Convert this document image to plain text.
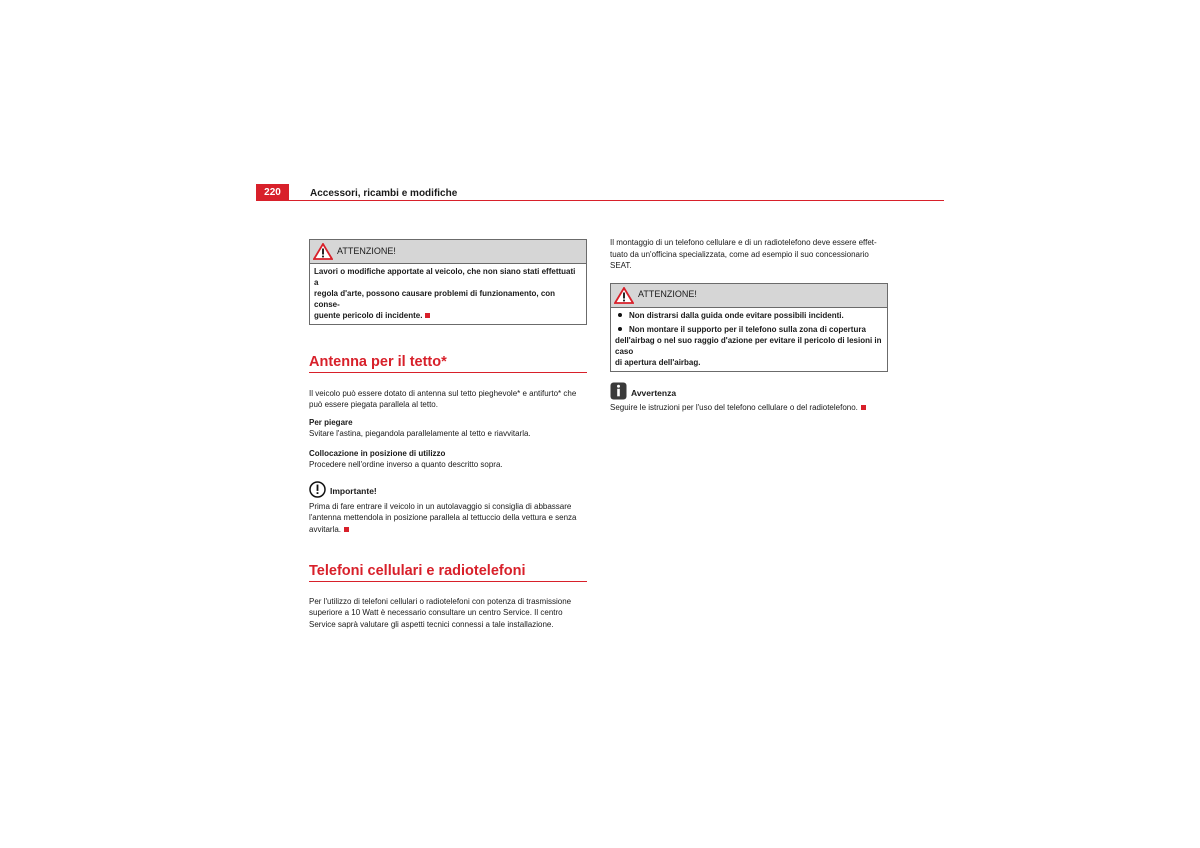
220	Accessori, ricambi e modifiche
ATTENZIONE!

Lavori o modifiche apportate al veicolo, che non siano stati effettuati a

regola d'arte, possono causare problemi di funzionamento, con conse-

guente pericolo di incidente.

Antenna per il tetto*

Il veicolo può essere dotato di antenna sul tetto pieghevole* e antifurto* che

può essere piegata parallela al tetto.

Per piegare

Svitare l'astina, piegandola parallelamente al tetto e riavvitarla.

Collocazione in posizione di utilizzo

Procedere nell'ordine inverso a quanto descritto sopra.

Importante!

Prima di fare entrare il veicolo in un autolavaggio si consiglia di abbassare

l'antenna mettendola in posizione parallela al tettuccio della vettura e senza

avvitarla.

Telefoni cellulari e radiotelefoni

Per l'utilizzo di telefoni cellulari o radiotelefoni con potenza di trasmissione

superiore a 10 Watt è necessario consultare un centro Service. Il centro

Service saprà valutare gli aspetti tecnici connessi a tale installazione.

Il montaggio di un telefono cellulare e di un radiotelefono deve essere effet-

tuato da un'officina specializzata, come ad esempio il suo concessionario

SEAT.

ATTENZIONE!

Non distrarsi dalla guida onde evitare possibili incidenti.

Non montare il supporto per il telefono sulla zona di copertura

dell'airbag o nel suo raggio d'azione per evitare il pericolo di lesioni in caso

di apertura dell'airbag.

Avvertenza

Seguire le istruzioni per l'uso del telefono cellulare o del radiotelefono.
